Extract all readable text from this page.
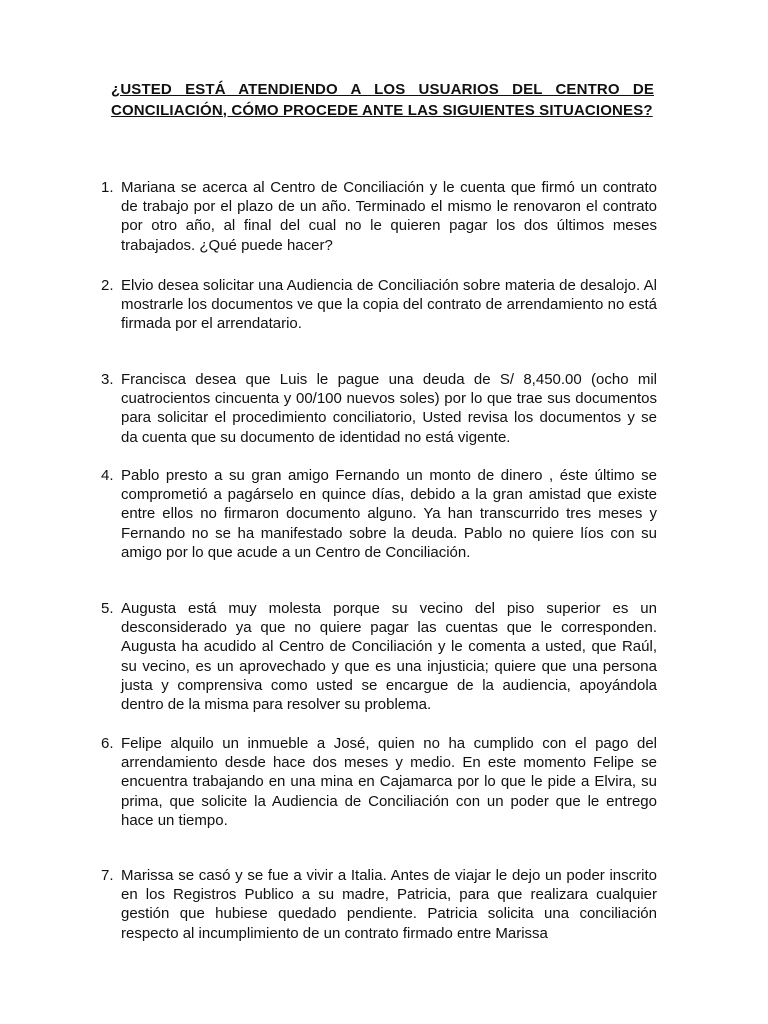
¿USTED ESTÁ ATENDIENDO A LOS USUARIOS DEL CENTRO DE CONCILIACIÓN, CÓMO PROCEDE ANTE LAS SIGUIENTES SITUACIONES?

1. Mariana se acerca al Centro de Conciliación y le cuenta que firmó un contrato de trabajo por el plazo de un año. Terminado el mismo le renovaron el contrato por otro año, al final del cual no le quieren pagar los dos últimos meses trabajados. ¿Qué puede hacer?
2. Elvio desea solicitar una Audiencia de Conciliación sobre materia de desalojo. Al mostrarle los documentos ve que la copia del contrato de arrendamiento no está firmada por el arrendatario.
3. Francisca desea que Luis le pague una deuda de S/ 8,450.00 (ocho mil cuatrocientos cincuenta y 00/100 nuevos soles) por lo que trae sus documentos para solicitar el procedimiento conciliatorio, Usted revisa los documentos y se da cuenta que su documento de identidad no está vigente.
4. Pablo presto a su gran amigo Fernando un monto de dinero , éste último se comprometió a pagárselo en quince días, debido a la gran amistad que existe entre ellos no firmaron documento alguno. Ya han transcurrido tres meses y Fernando no se ha manifestado sobre la deuda. Pablo no quiere líos con su amigo por lo que acude a un Centro de Conciliación.
5. Augusta está muy molesta porque su vecino del piso superior es un desconsiderado ya que no quiere pagar las cuentas que le corresponden. Augusta ha acudido al Centro de Conciliación y le comenta a usted, que Raúl, su vecino, es un aprovechado y que es una injusticia; quiere que una persona justa y comprensiva como usted se encargue de la audiencia, apoyándola dentro de la misma para resolver su problema.
6. Felipe alquilo un inmueble a José, quien no ha cumplido con el pago del arrendamiento desde hace dos meses y medio. En este momento Felipe se encuentra trabajando en una mina en Cajamarca por lo que le pide a Elvira, su prima, que solicite la Audiencia de Conciliación con un poder que le entrego hace un tiempo.
7. Marissa se casó y se fue a vivir a Italia. Antes de viajar le dejo un poder inscrito en los Registros Publico a su madre, Patricia, para que realizara cualquier gestión que hubiese quedado pendiente. Patricia solicita una conciliación respecto al incumplimiento de un contrato firmado entre Marissa
